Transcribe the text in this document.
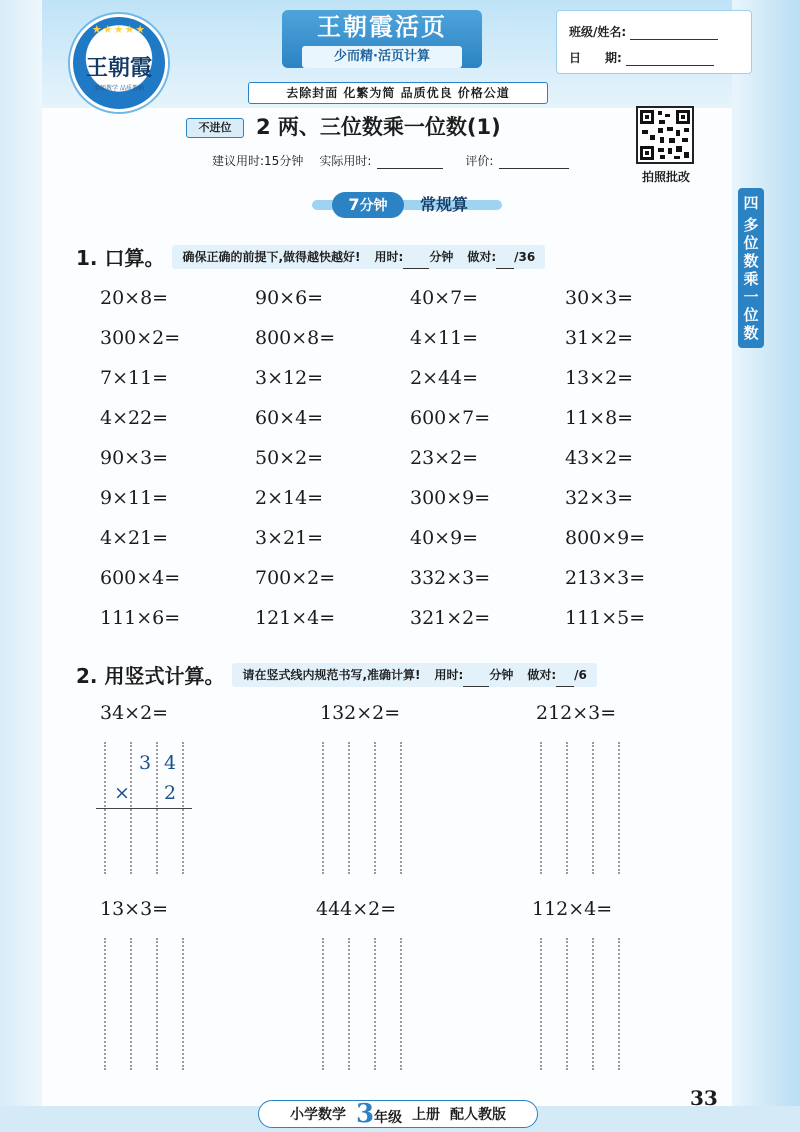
★★★★★
王朝霞
名师教学 品质教辅
王朝霞活页
少而精·活页计算
去除封面 化繁为简 品质优良 价格公道
班级/姓名:
日　　期:
拍照批改
不进位	2 两、三位数乘一位数(1)
建议用时:15分钟 实际用时:	评价:
7分钟	常规算	四
多
位
数
乘
一
位
数
1. 口算。 确保正确的前提下,做得越快越好! 用时: 分钟 做对: /36
20×8=	90×6=	40×7=	30×3=
300×2=	800×8=	4×11=	31×2=
7×11=	3×12=	2×44=	13×2=
4×22=	60×4=	600×7=	11×8=
90×3=	50×2=	23×2=	43×2=
9×11=	2×14=	300×9=	32×3=
4×21=	3×21=	40×9=	800×9=
600×4=	700×2=	332×3=	213×3=
111×6=	121×4=	321×2=	111×5=
2. 用竖式计算。 请在竖式线内规范书写,准确计算! 用时: 分钟 做对: /6
34×2=	132×2=	212×3=
13×3=	444×2=	112×4=
3 4
× 2
小学数学 3年级 上册 配人教版
33
